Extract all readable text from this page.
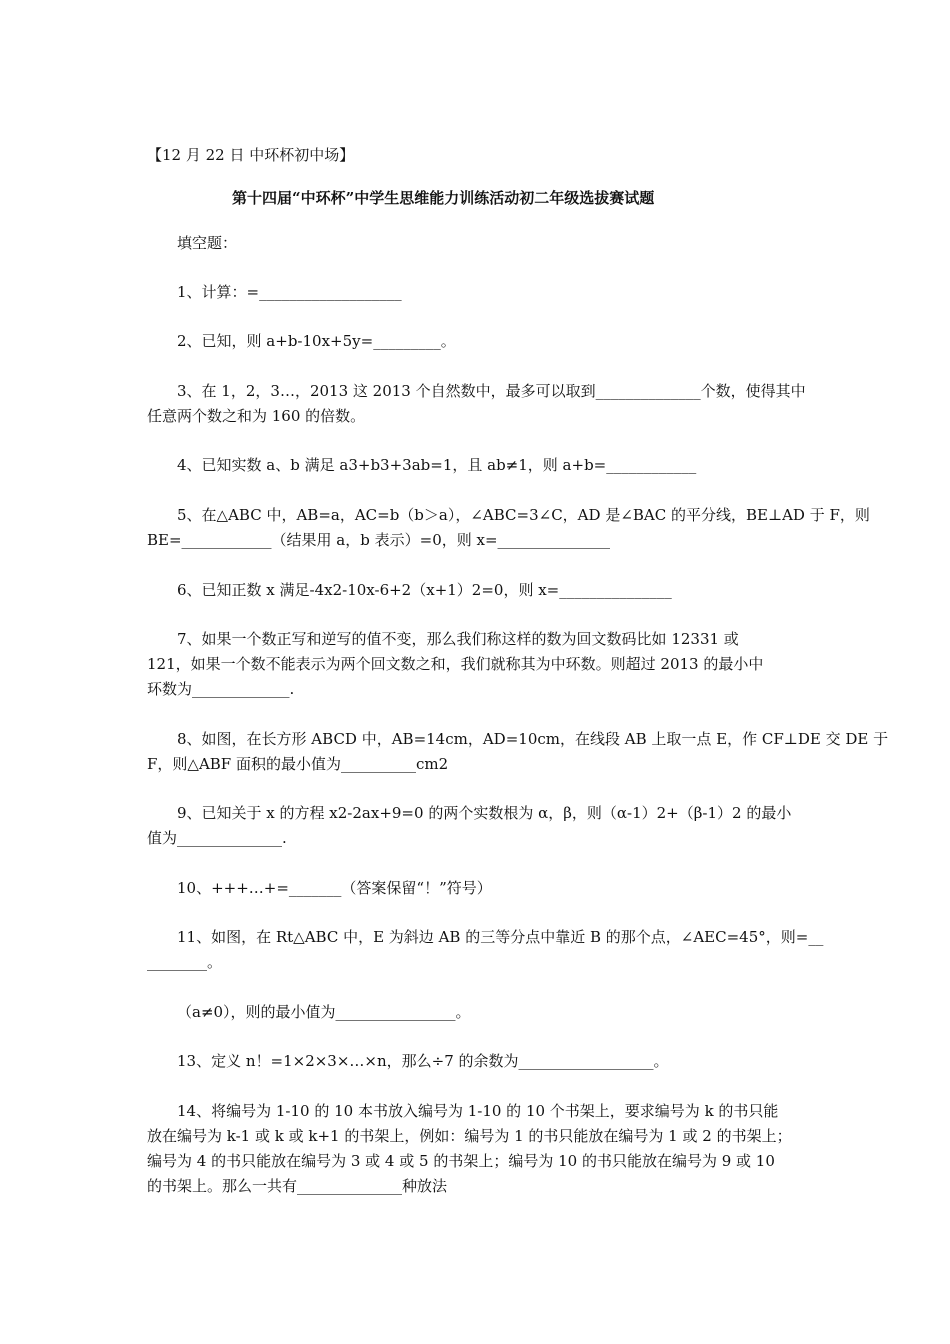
【12 月 22 日 中环杯初中场】
第十四届“中环杯”中学生思维能力训练活动初二年级选拔赛试题
填空题：
1、计算：=___________________
2、已知，则 a+b-10x+5y=_________。
3、在 1，2，3…，2013 这 2013 个自然数中，最多可以取到______________个数，使得其中
任意两个数之和为 160 的倍数。
4、已知实数 a、b 满足 a3+b3+3ab=1，且 ab≠1，则 a+b=____________
5、在△ABC 中，AB=a，AC=b（b＞a），∠ABC=3∠C，AD 是∠BAC 的平分线，BE⊥AD 于 F，则
BE=____________（结果用 a，b 表示）=0，则 x=_______________
6、已知正数 x 满足-4x2-10x-6+2（x+1）2=0，则 x=_______________
7、如果一个数正写和逆写的值不变，那么我们称这样的数为回文数码比如 12331 或
121，如果一个数不能表示为两个回文数之和，我们就称其为中环数。则超过 2013 的最小中
环数为_____________.
8、如图，在长方形 ABCD 中，AB=14cm，AD=10cm，在线段 AB 上取一点 E，作 CF⊥DE 交 DE 于
F，则△ABF 面积的最小值为__________cm2
9、已知关于 x 的方程 x2-2ax+9=0 的两个实数根为 α，β，则（α-1）2+（β-1）2 的最小
值为______________.
10、+++…+=_______（答案保留“！”符号）
11、如图，在 Rt△ABC 中，E 为斜边 AB 的三等分点中靠近 B 的那个点，∠AEC=45°，则=__
________。
（a≠0），则的最小值为________________。
13、定义 n！=1×2×3×…×n，那么÷7 的余数为__________________。
14、将编号为 1-10 的 10 本书放入编号为 1-10 的 10 个书架上，要求编号为 k 的书只能
放在编号为 k-1 或 k 或 k+1 的书架上，例如：编号为 1 的书只能放在编号为 1 或 2 的书架上；
编号为 4 的书只能放在编号为 3 或 4 或 5 的书架上；编号为 10 的书只能放在编号为 9 或 10
的书架上。那么一共有______________种放法
